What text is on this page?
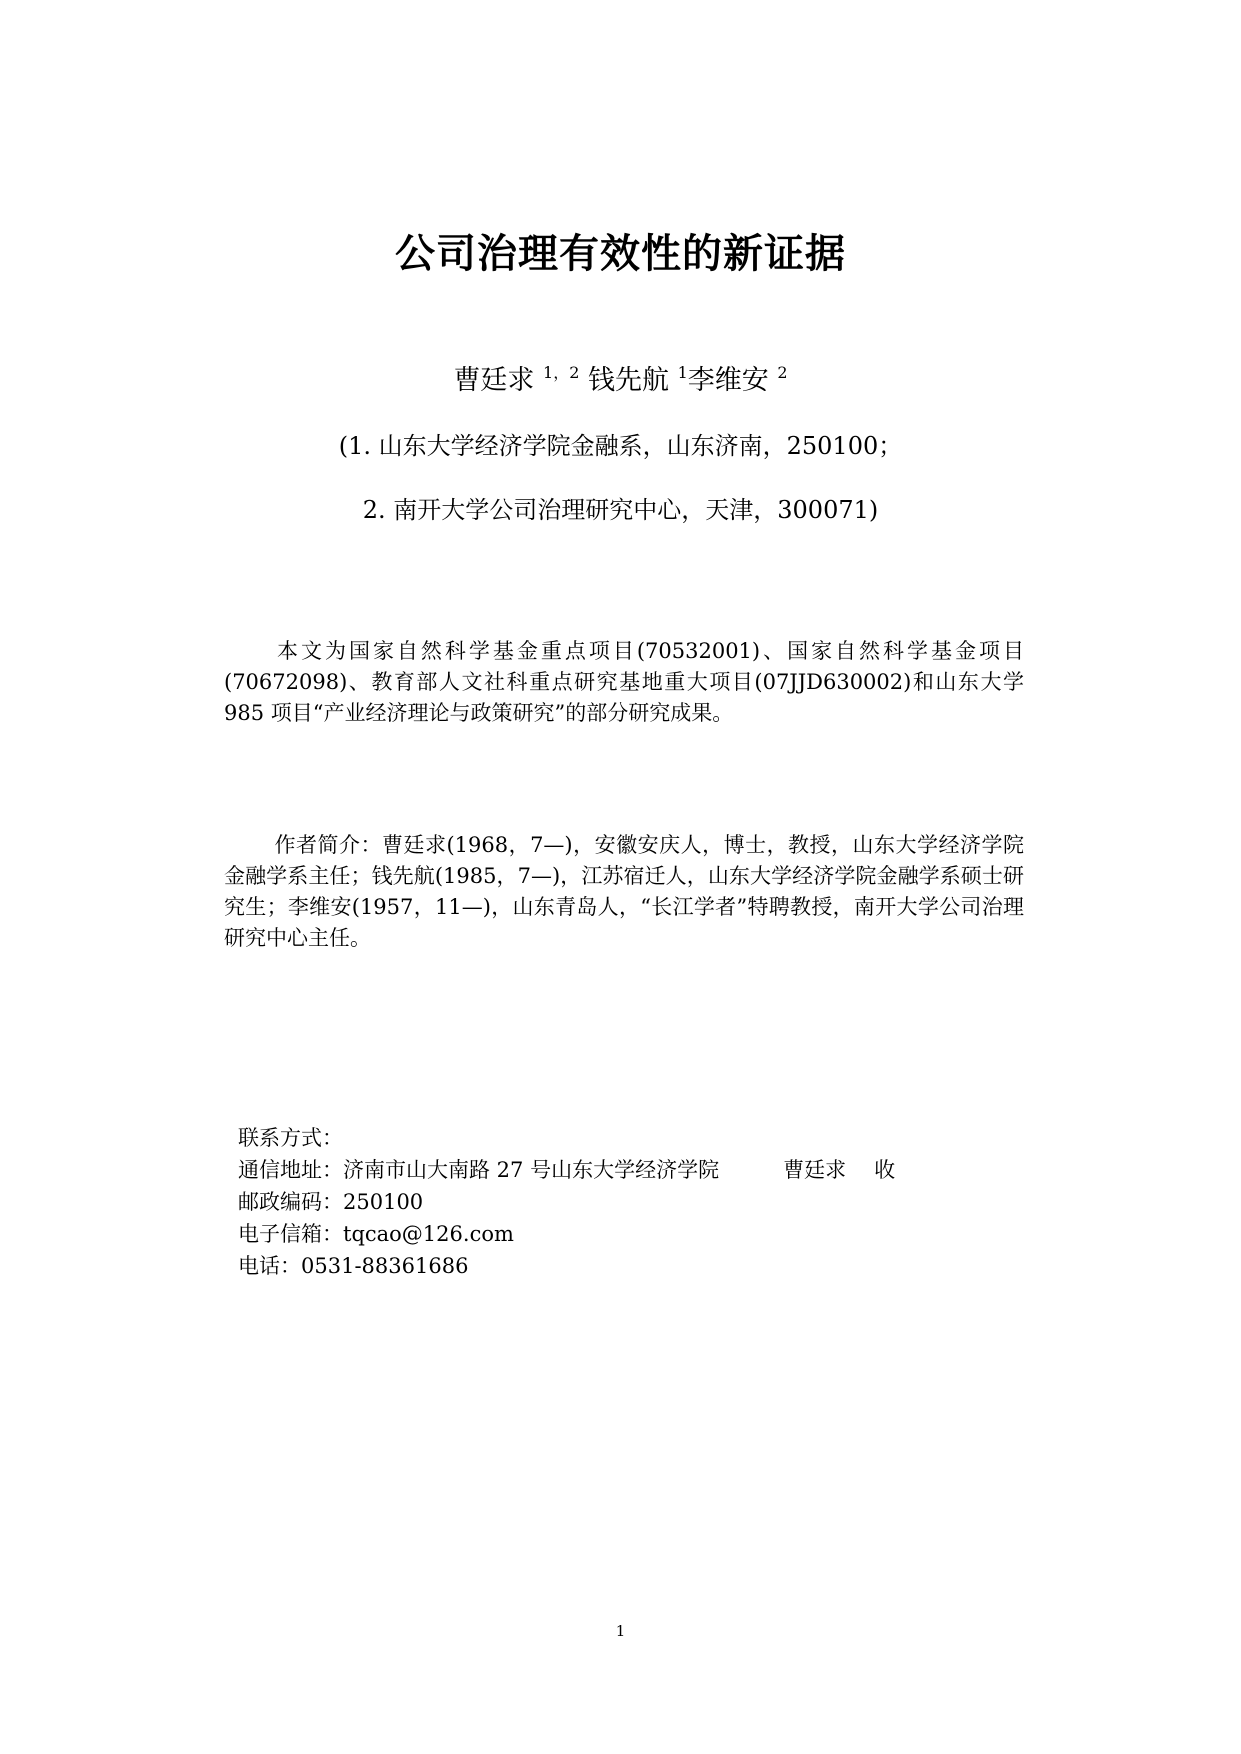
公司治理有效性的新证据
曹廷求 $^{1,2}$ 钱先航 $^1$李维安 $^2$
(1. 山东大学经济学院金融系，山东济南，250100；
2. 南开大学公司治理研究中心，天津，300071)

本文为国家自然科学基金重点项目(70532001)、国家自然科学基金项目(70672098)、教育部人文社科重点研究基地重大项目(07JJD630002)和山东大学 985 项目“产业经济理论与政策研究”的部分研究成果。

作者简介：曹廷求(1968，7—)，安徽安庆人，博士，教授，山东大学经济学院金融学系主任；钱先航(1985，7—)，江苏宿迁人，山东大学经济学院金融学系硕士研究生；李维安(1957，11—)，山东青岛人，“长江学者”特聘教授，南开大学公司治理研究中心主任。

联系方式：
通信地址：济南市山大南路 27 号山东大学经济学院	曹廷求 收
邮政编码：250100
电子信箱：tqcao@126.com
电话：0531-88361686
1
